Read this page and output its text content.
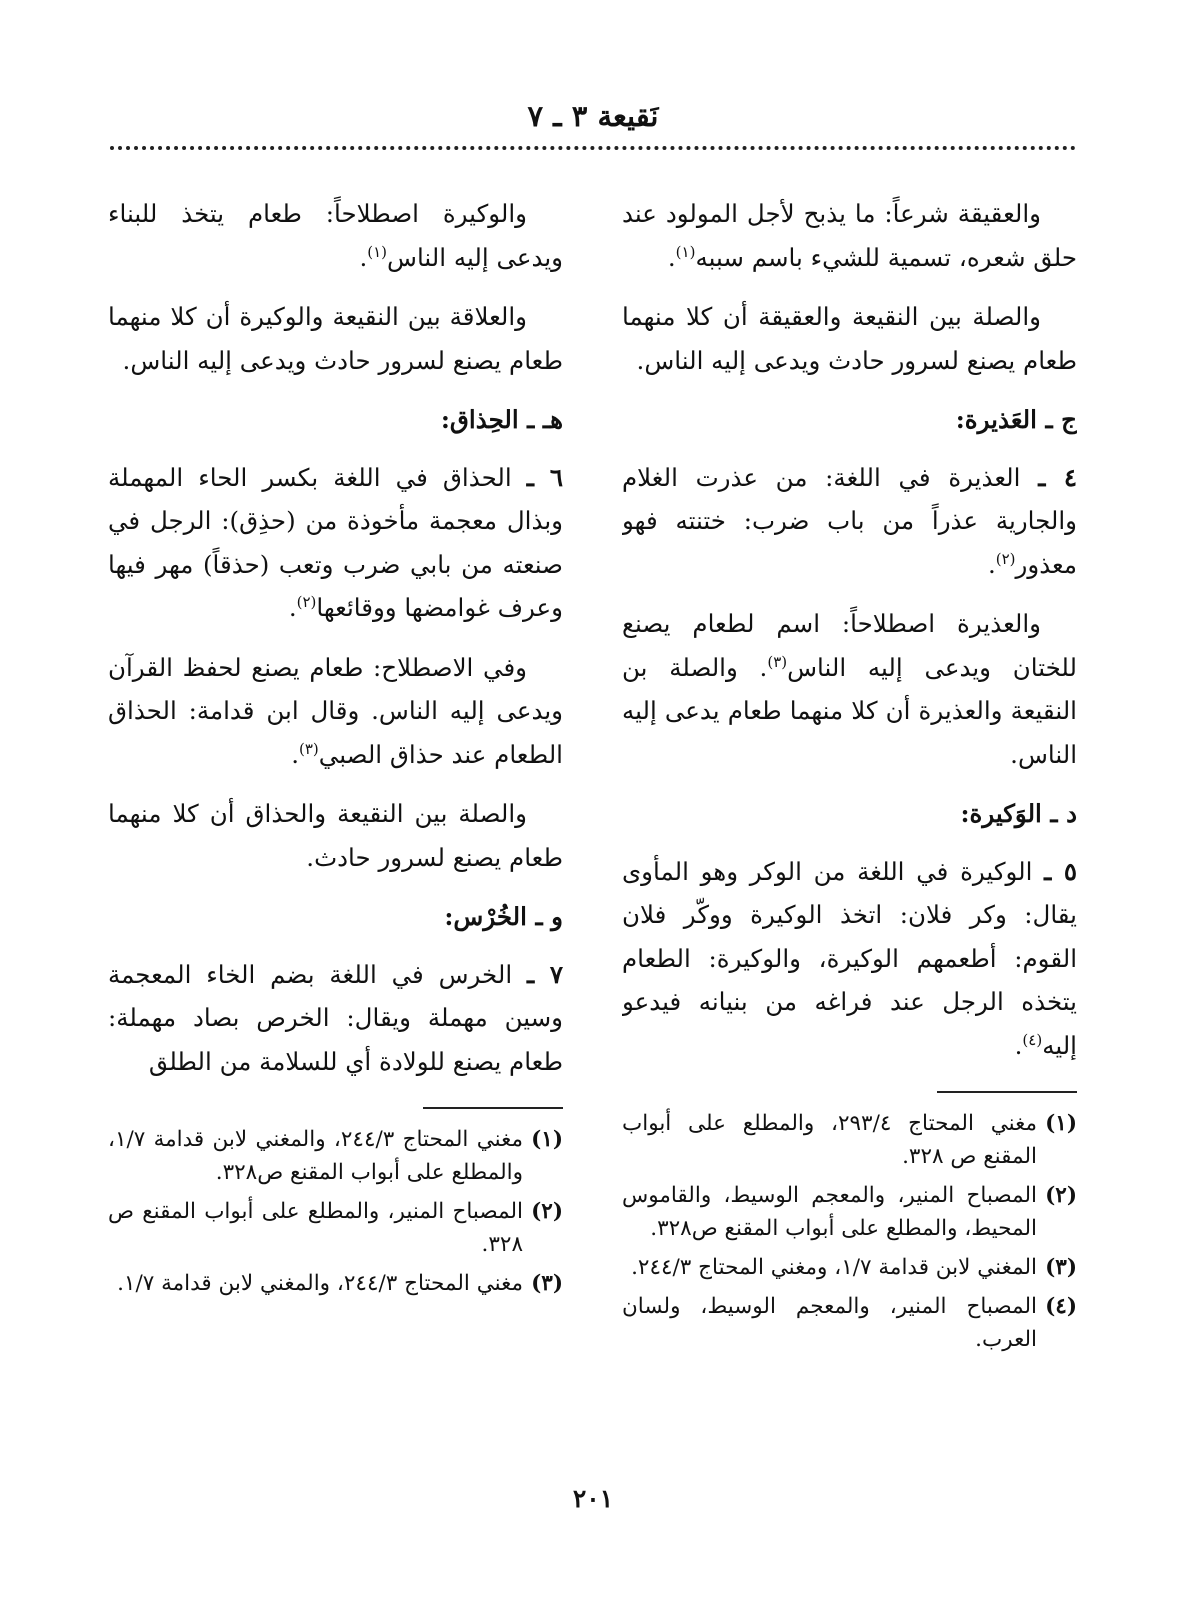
نَقيعة ٣ ـ ٧

والعقيقة شرعاً: ما يذبح لأجل المولود عند حلق شعره، تسمية للشيء باسم سببه$^{(١)}$.

والصلة بين النقيعة والعقيقة أن كلا منهما طعام يصنع لسرور حادث ويدعى إليه الناس.

ج ـ العَذيرة:

٤ ـ العذيرة في اللغة: من عذرت الغلام والجارية عذراً من باب ضرب: ختنته فهو معذور$^{(٢)}$.

والعذيرة اصطلاحاً: اسم لطعام يصنع للختان ويدعى إليه الناس$^{(٣)}$. والصلة بن النقيعة والعذيرة أن كلا منهما طعام يدعى إليه الناس.

د ـ الوَكيرة:

٥ ـ الوكيرة في اللغة من الوكر وهو المأوى يقال: وكر فلان: اتخذ الوكيرة ووكّر فلان القوم: أطعمهم الوكيرة، والوكيرة: الطعام يتخذه الرجل عند فراغه من بنيانه فيدعو إليه$^{(٤)}$.

(١)
مغني المحتاج ٢٩٣/٤، والمطلع على أبواب المقنع ص ٣٢٨.
(٢)
المصباح المنير، والمعجم الوسيط، والقاموس المحيط، والمطلع على أبواب المقنع ص٣٢٨.
(٣)
المغني لابن قدامة ١/٧، ومغني المحتاج ٢٤٤/٣.
(٤)
المصباح المنير، والمعجم الوسيط، ولسان العرب.

والوكيرة اصطلاحاً: طعام يتخذ للبناء ويدعى إليه الناس$^{(١)}$.

والعلاقة بين النقيعة والوكيرة أن كلا منهما طعام يصنع لسرور حادث ويدعى إليه الناس.

هـ ـ الحِذاق:

٦ ـ الحذاق في اللغة بكسر الحاء المهملة وبذال معجمة مأخوذة من (حذِق): الرجل في صنعته من بابي ضرب وتعب (حذقاً) مهر فيها وعرف غوامضها ووقائعها$^{(٢)}$.

وفي الاصطلاح: طعام يصنع لحفظ القرآن ويدعى إليه الناس. وقال ابن قدامة: الحذاق الطعام عند حذاق الصبي$^{(٣)}$.

والصلة بين النقيعة والحذاق أن كلا منهما طعام يصنع لسرور حادث.

و ـ الخُرْس:

٧ ـ الخرس في اللغة بضم الخاء المعجمة وسين مهملة ويقال: الخرص بصاد مهملة: طعام يصنع للولادة أي للسلامة من الطلق

(١)
مغني المحتاج ٢٤٤/٣، والمغني لابن قدامة ١/٧، والمطلع على أبواب المقنع ص٣٢٨.
(٢)
المصباح المنير، والمطلع على أبواب المقنع ص ٣٢٨.
(٣)
مغني المحتاج ٢٤٤/٣، والمغني لابن قدامة ١/٧.
٢٠١
